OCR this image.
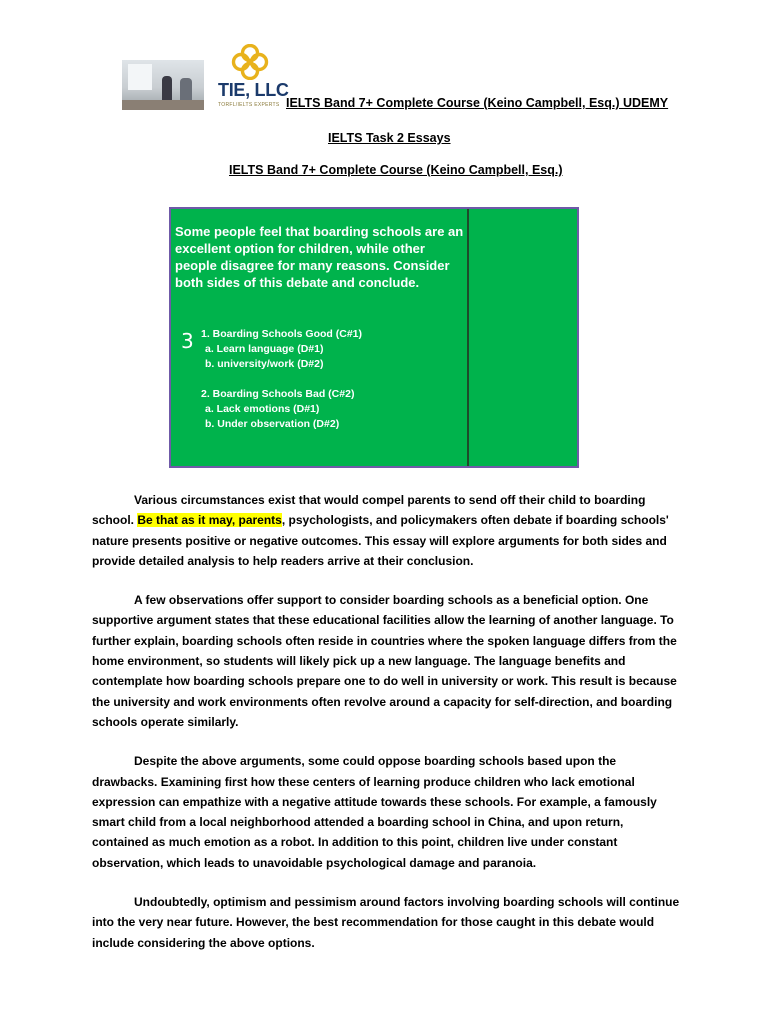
TIE, LLC
TORFL/IELTS EXPERTS IELTS Band 7+ Complete Course (Keino Campbell, Esq.) UDEMY
IELTS Task 2 Essays
IELTS Band 7+ Complete Course (Keino Campbell, Esq.)
Some people feel that boarding schools are an excellent option for children, while other people disagree for many reasons. Consider both sides of this debate and conclude.
3 1. Boarding Schools Good (C#1)
a. Learn language (D#1)
b. university/work (D#2)
2. Boarding Schools Bad (C#2)
a. Lack emotions (D#1)
b. Under observation (D#2)

Various circumstances exist that would compel parents to send off their child to boarding school. Be that as it may, parents, psychologists, and policymakers often debate if boarding schools' nature presents positive or negative outcomes. This essay will explore arguments for both sides and provide detailed analysis to help readers arrive at their conclusion.

A few observations offer support to consider boarding schools as a beneficial option. One supportive argument states that these educational facilities allow the learning of another language. To further explain, boarding schools often reside in countries where the spoken language differs from the home environment, so students will likely pick up a new language. The language benefits and contemplate how boarding schools prepare one to do well in university or work. This result is because the university and work environments often revolve around a capacity for self-direction, and boarding schools operate similarly.

Despite the above arguments, some could oppose boarding schools based upon the drawbacks. Examining first how these centers of learning produce children who lack emotional expression can empathize with a negative attitude towards these schools. For example, a famously smart child from a local neighborhood attended a boarding school in China, and upon return, contained as much emotion as a robot. In addition to this point, children live under constant observation, which leads to unavoidable psychological damage and paranoia.

Undoubtedly, optimism and pessimism around factors involving boarding schools will continue into the very near future. However, the best recommendation for those caught in this debate would include considering the above options.
